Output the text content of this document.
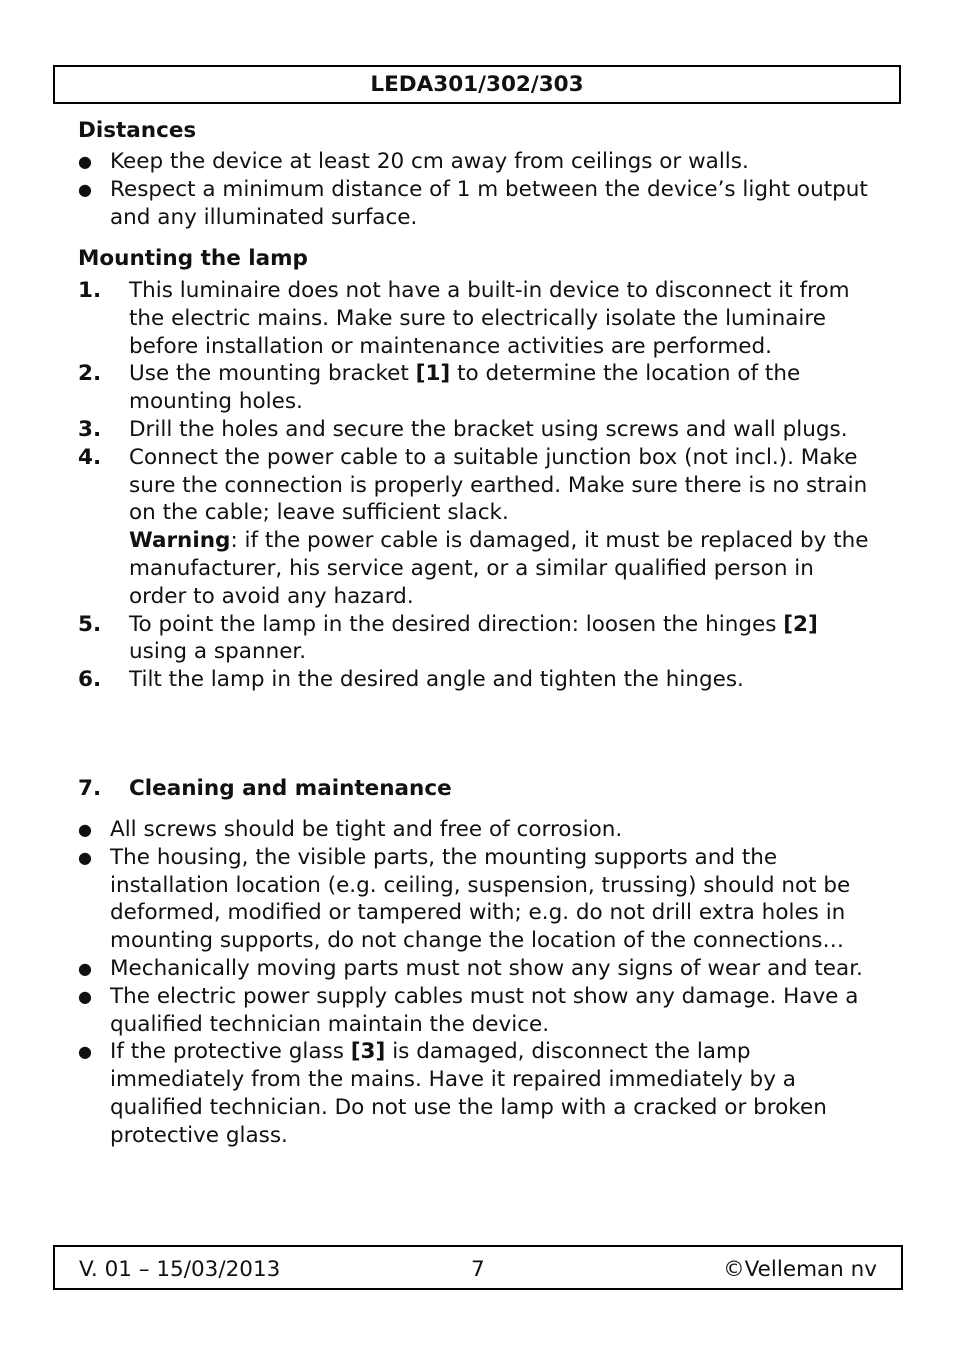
LEDA301/302/303
Distances
● Keep the device at least 20 cm away from ceilings or walls.
● Respect a minimum distance of 1 m between the device’s light output and any illuminated surface.
Mounting the lamp
1. This luminaire does not have a built-in device to disconnect it from the electric mains. Make sure to electrically isolate the luminaire before installation or maintenance activities are performed.
2. Use the mounting bracket [1] to determine the location of the mounting holes.
3. Drill the holes and secure the bracket using screws and wall plugs.
4. Connect the power cable to a suitable junction box (not incl.). Make sure the connection is properly earthed. Make sure there is no strain on the cable; leave sufficient slack.
Warning: if the power cable is damaged, it must be replaced by the manufacturer, his service agent, or a similar qualified person in order to avoid any hazard.
5. To point the lamp in the desired direction: loosen the hinges [2] using a spanner.
6. Tilt the lamp in the desired angle and tighten the hinges.
7. Cleaning and maintenance
● All screws should be tight and free of corrosion.
● The housing, the visible parts, the mounting supports and the installation location (e.g. ceiling, suspension, trussing) should not be deformed, modified or tampered with; e.g. do not drill extra holes in mounting supports, do not change the location of the connections…
● Mechanically moving parts must not show any signs of wear and tear.
● The electric power supply cables must not show any damage. Have a qualified technician maintain the device.
● If the protective glass [3] is damaged, disconnect the lamp immediately from the mains. Have it repaired immediately by a qualified technician. Do not use the lamp with a cracked or broken protective glass.
V. 01 – 15/03/2013	7	©Velleman nv
